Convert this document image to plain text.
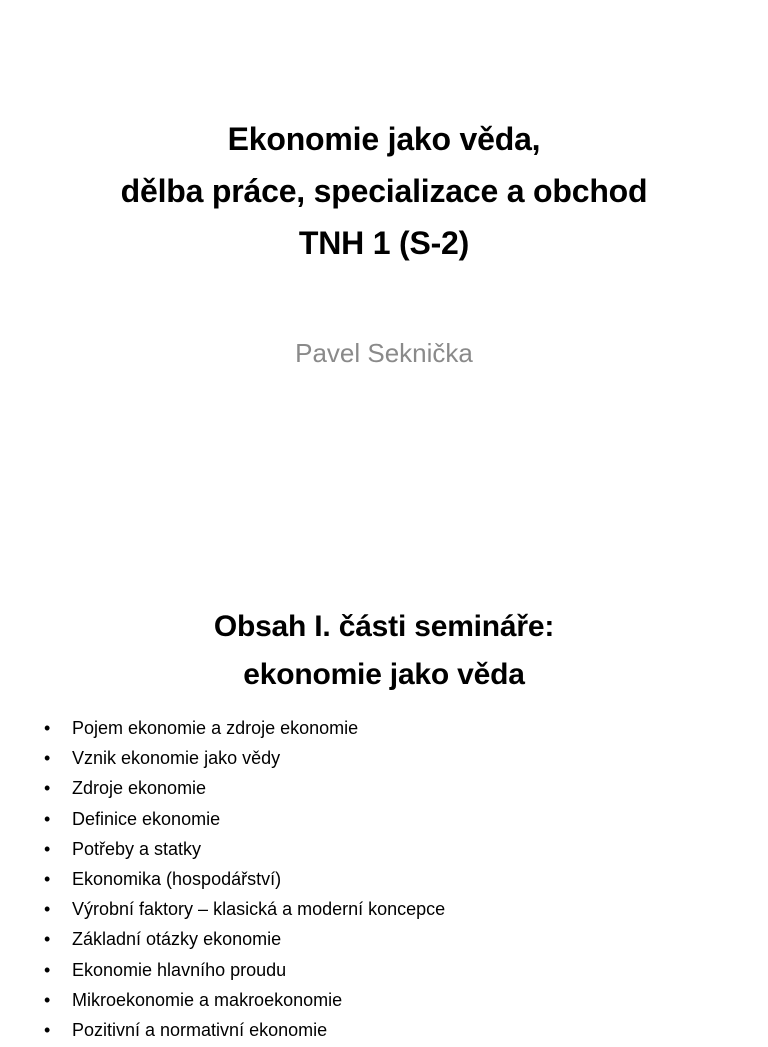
Ekonomie jako věda,
dělba práce, specializace a obchod
TNH 1 (S-2)
Pavel Seknička
Obsah I. části semináře:
ekonomie jako věda
• Pojem ekonomie a zdroje ekonomie
• Vznik ekonomie jako vědy
• Zdroje ekonomie
• Definice ekonomie
• Potřeby a statky
• Ekonomika (hospodářství)
• Výrobní faktory – klasická a moderní koncepce
• Základní otázky ekonomie
• Ekonomie hlavního proudu
• Mikroekonomie a makroekonomie
• Pozitivní a normativní ekonomie
